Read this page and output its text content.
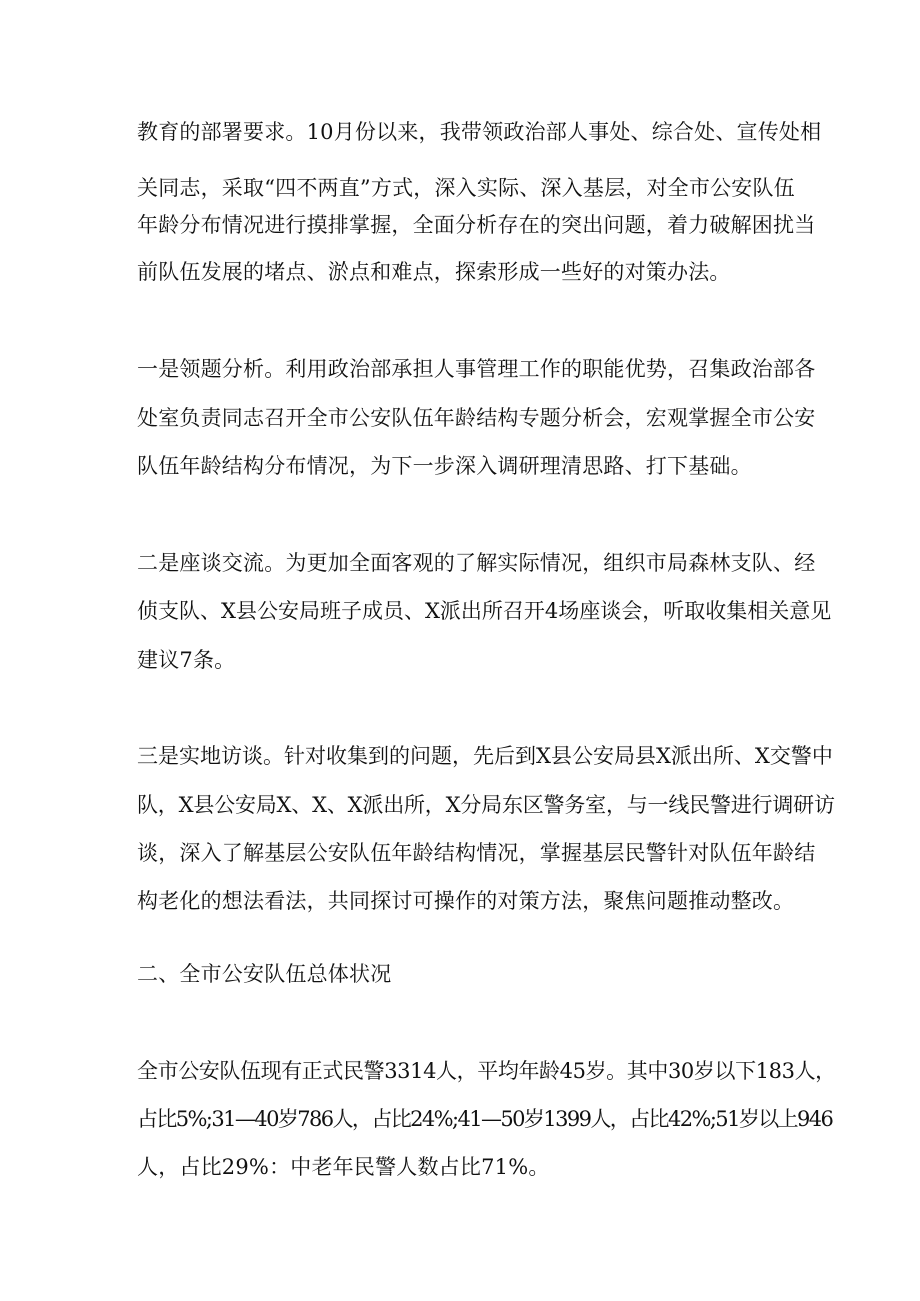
教育的部署要求。10月份以来，我带领政治部人事处、综合处、宣传处相
关同志，采取“四不两直”方式，深入实际、深入基层，对全市公安队伍
年龄分布情况进行摸排掌握，全面分析存在的突出问题，着力破解困扰当
前队伍发展的堵点、淤点和难点，探索形成一些好的对策办法。
一是领题分析。利用政治部承担人事管理工作的职能优势，召集政治部各
处室负责同志召开全市公安队伍年龄结构专题分析会，宏观掌握全市公安
队伍年龄结构分布情况，为下一步深入调研理清思路、打下基础。
二是座谈交流。为更加全面客观的了解实际情况，组织市局森林支队、经
侦支队、X县公安局班子成员、X派出所召开4场座谈会，听取收集相关意见
建议7条。
三是实地访谈。针对收集到的问题，先后到X县公安局县X派出所、X交警中
队，X县公安局X、X、X派出所，X分局东区警务室，与一线民警进行调研访
谈，深入了解基层公安队伍年龄结构情况，掌握基层民警针对队伍年龄结
构老化的想法看法，共同探讨可操作的对策方法，聚焦问题推动整改。
二、全市公安队伍总体状况
全市公安队伍现有正式民警3314人，平均年龄45岁。其中30岁以下183人，
占比5%;31—40岁786人，占比24%;41—50岁1399人，占比42%;51岁以上946
人，占比29%：中老年民警人数占比71%。
